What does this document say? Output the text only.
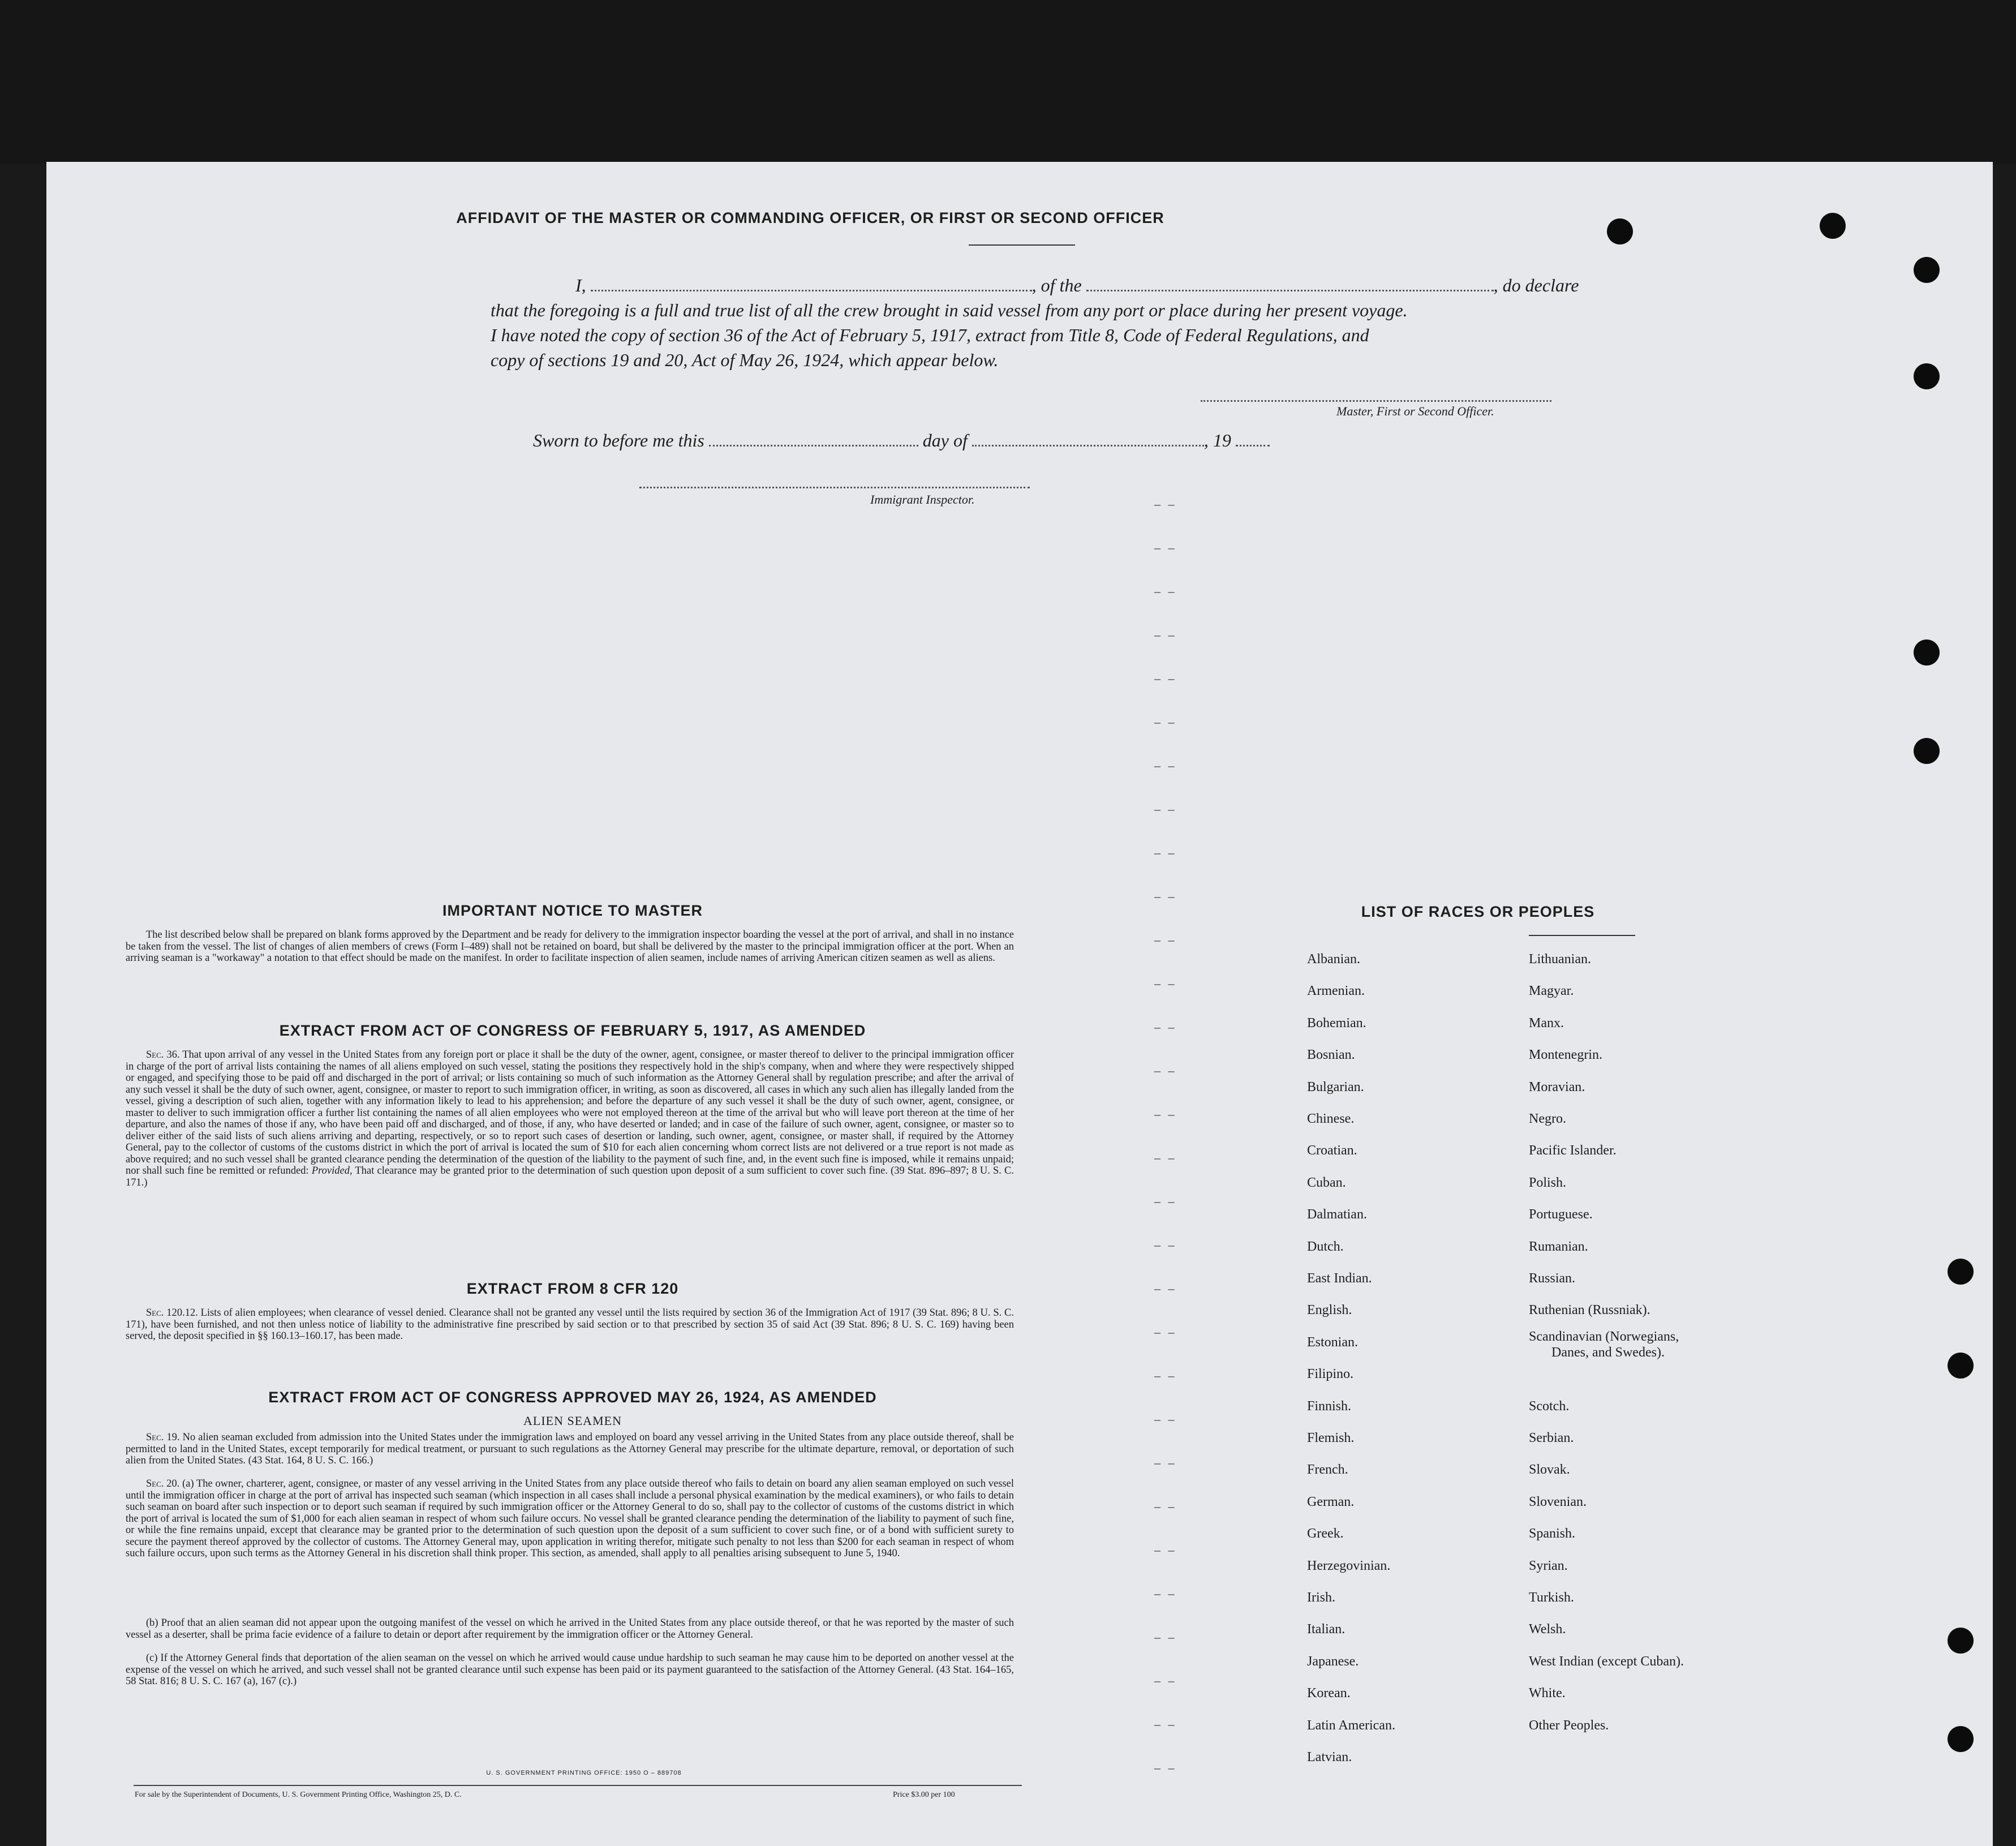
AFFIDAVIT OF THE MASTER OR COMMANDING OFFICER, OR FIRST OR SECOND OFFICER
I,	, of the	, do declare
that the foregoing is a full and true list of all the crew brought in said vessel from any port or place during her present voyage.
I have noted the copy of section 36 of the Act of February 5, 1917, extract from Title 8, Code of Federal Regulations, and
copy of sections 19 and 20, Act of May 26, 1924, which appear below.
Master, First or Second Officer.
Sworn to before me this	day of	, 19
Immigrant Inspector.	– –
– –
– –
– –
– –
– –
– –
– –
– –
– –
– –
– –
– –
– –
– –
– –
– –
– –
– –
– –
– –
– –
– –
– –
– –
– –
– –
– –
– –
– –
IMPORTANT NOTICE TO MASTER
The list described below shall be prepared on blank forms approved by the Department and be ready for delivery to the immigration inspector boarding the vessel at the port of arrival, and shall in no instance be taken from the vessel. The list of changes of alien members of crews (Form I–489) shall not be retained on board, but shall be delivered by the master to the principal immigration officer at the port. When an arriving seaman is a "workaway" a notation to that effect should be made on the manifest. In order to facilitate inspection of alien seamen, include names of arriving American citizen seamen as well as aliens.
EXTRACT FROM ACT OF CONGRESS OF FEBRUARY 5, 1917, AS AMENDED
Sec. 36. That upon arrival of any vessel in the United States from any foreign port or place it shall be the duty of the owner, agent, consignee, or master thereof to deliver to the principal immigration officer in charge of the port of arrival lists containing the names of all aliens employed on such vessel, stating the positions they respectively hold in the ship's company, when and where they were respectively shipped or engaged, and specifying those to be paid off and discharged in the port of arrival; or lists containing so much of such information as the Attorney General shall by regulation prescribe; and after the arrival of any such vessel it shall be the duty of such owner, agent, consignee, or master to report to such immigration officer, in writing, as soon as discovered, all cases in which any such alien has illegally landed from the vessel, giving a description of such alien, together with any information likely to lead to his apprehension; and before the departure of any such vessel it shall be the duty of such owner, agent, consignee, or master to deliver to such immigration officer a further list containing the names of all alien employees who were not employed thereon at the time of the arrival but who will leave port thereon at the time of her departure, and also the names of those if any, who have been paid off and discharged, and of those, if any, who have deserted or landed; and in case of the failure of such owner, agent, consignee, or master so to deliver either of the said lists of such aliens arriving and departing, respectively, or so to report such cases of desertion or landing, such owner, agent, consignee, or master shall, if required by the Attorney General, pay to the collector of customs of the customs district in which the port of arrival is located the sum of $10 for each alien concerning whom correct lists are not delivered or a true report is not made as above required; and no such vessel shall be granted clearance pending the determination of the question of the liability to the payment of such fine, and, in the event such fine is imposed, while it remains unpaid; nor shall such fine be remitted or refunded: Provided, That clearance may be granted prior to the determination of such question upon deposit of a sum sufficient to cover such fine. (39 Stat. 896–897; 8 U. S. C. 171.)
EXTRACT FROM 8 CFR 120
Sec. 120.12. Lists of alien employees; when clearance of vessel denied. Clearance shall not be granted any vessel until the lists required by section 36 of the Immigration Act of 1917 (39 Stat. 896; 8 U. S. C. 171), have been furnished, and not then unless notice of liability to the administrative fine prescribed by said section or to that prescribed by section 35 of said Act (39 Stat. 896; 8 U. S. C. 169) having been served, the deposit specified in §§ 160.13–160.17, has been made.
EXTRACT FROM ACT OF CONGRESS APPROVED MAY 26, 1924, AS AMENDED
ALIEN SEAMEN
Sec. 19. No alien seaman excluded from admission into the United States under the immigration laws and employed on board any vessel arriving in the United States from any place outside thereof, shall be permitted to land in the United States, except temporarily for medical treatment, or pursuant to such regulations as the Attorney General may prescribe for the ultimate departure, removal, or deportation of such alien from the United States. (43 Stat. 164, 8 U. S. C. 166.)
Sec. 20. (a) The owner, charterer, agent, consignee, or master of any vessel arriving in the United States from any place outside thereof who fails to detain on board any alien seaman employed on such vessel until the immigration officer in charge at the port of arrival has inspected such seaman (which inspection in all cases shall include a personal physical examination by the medical examiners), or who fails to detain such seaman on board after such inspection or to deport such seaman if required by such immigration officer or the Attorney General to do so, shall pay to the collector of customs of the customs district in which the port of arrival is located the sum of $1,000 for each alien seaman in respect of whom such failure occurs. No vessel shall be granted clearance pending the determination of the liability to payment of such fine, or while the fine remains unpaid, except that clearance may be granted prior to the determination of such question upon the deposit of a sum sufficient to cover such fine, or of a bond with sufficient surety to secure the payment thereof approved by the collector of customs. The Attorney General may, upon application in writing therefor, mitigate such penalty to not less than $200 for each seaman in respect of whom such failure occurs, upon such terms as the Attorney General in his discretion shall think proper. This section, as amended, shall apply to all penalties arising subsequent to June 5, 1940.
(b) Proof that an alien seaman did not appear upon the outgoing manifest of the vessel on which he arrived in the United States from any place outside thereof, or that he was reported by the master of such vessel as a deserter, shall be prima facie evidence of a failure to detain or deport after requirement by the immigration officer or the Attorney General.
(c) If the Attorney General finds that deportation of the alien seaman on the vessel on which he arrived would cause undue hardship to such seaman he may cause him to be deported on another vessel at the expense of the vessel on which he arrived, and such vessel shall not be granted clearance until such expense has been paid or its payment guaranteed to the satisfaction of the Attorney General. (43 Stat. 164–165, 58 Stat. 816; 8 U. S. C. 167 (a), 167 (c).)
U. S. GOVERNMENT PRINTING OFFICE: 1950 O – 889708
For sale by the Superintendent of Documents, U. S. Government Printing Office, Washington 25, D. C.	Price $3.00 per 100
LIST OF RACES OR PEOPLES
Albanian.
Armenian.
Bohemian.
Bosnian.
Bulgarian.
Chinese.
Croatian.
Cuban.
Dalmatian.
Dutch.
East Indian.
English.
Estonian.
Filipino.
Finnish.
Flemish.
French.
German.
Greek.
Herzegovinian.
Irish.
Italian.
Japanese.
Korean.
Latin American.
Latvian.
Lithuanian.
Magyar.
Manx.
Montenegrin.
Moravian.
Negro.
Pacific Islander.
Polish.
Portuguese.
Rumanian.
Russian.
Ruthenian (Russniak).
Scandinavian (Norwegians,
Danes, and Swedes).
Scotch.
Serbian.
Slovak.
Slovenian.
Spanish.
Syrian.
Turkish.
Welsh.
West Indian (except Cuban).
White.
Other Peoples.
